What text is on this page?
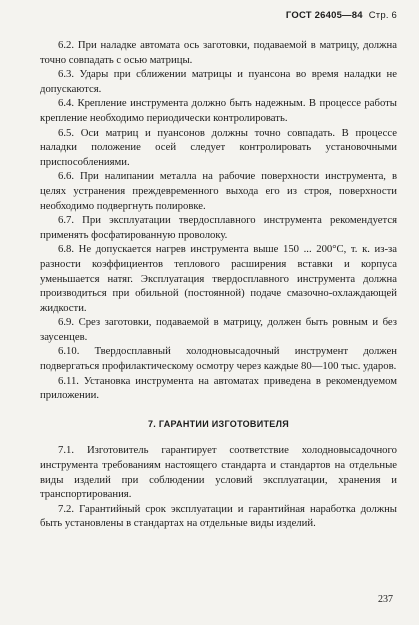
ГОСТ 26405—84 Стр. 6

6.2. При наладке автомата ось заготовки, подаваемой в матрицу, должна точно совпадать с осью матрицы.

6.3. Удары при сближении матрицы и пуансона во время наладки не допускаются.

6.4. Крепление инструмента должно быть надежным. В процессе работы крепление необходимо периодически контролировать.

6.5. Оси матриц и пуансонов должны точно совпадать. В процессе наладки положение осей следует контролировать установочными приспособлениями.

6.6. При налипании металла на рабочие поверхности инструмента, в целях устранения преждевременного выхода его из строя, поверхности необходимо подвергнуть полировке.

6.7. При эксплуатации твердосплавного инструмента рекомендуется применять фосфатированную проволоку.

6.8. Не допускается нагрев инструмента выше 150 ... 200°С, т. к. из-за разности коэффициентов теплового расширения вставки и корпуса уменьшается натяг. Эксплуатация твердосплавного инструмента должна производиться при обильной (постоянной) подаче смазочно-охлаждающей жидкости.

6.9. Срез заготовки, подаваемой в матрицу, должен быть ровным и без заусенцев.

6.10. Твердосплавный холодновысадочный инструмент должен подвергаться профилактическому осмотру через каждые 80—100 тыс. ударов.

6.11. Установка инструмента на автоматах приведена в рекомендуемом приложении.

7. ГАРАНТИИ ИЗГОТОВИТЕЛЯ

7.1. Изготовитель гарантирует соответствие холодновысадочного инструмента требованиям настоящего стандарта и стандартов на отдельные виды изделий при соблюдении условий эксплуатации, хранения и транспортирования.

7.2. Гарантийный срок эксплуатации и гарантийная наработка должны быть установлены в стандартах на отдельные виды изделий.

237
